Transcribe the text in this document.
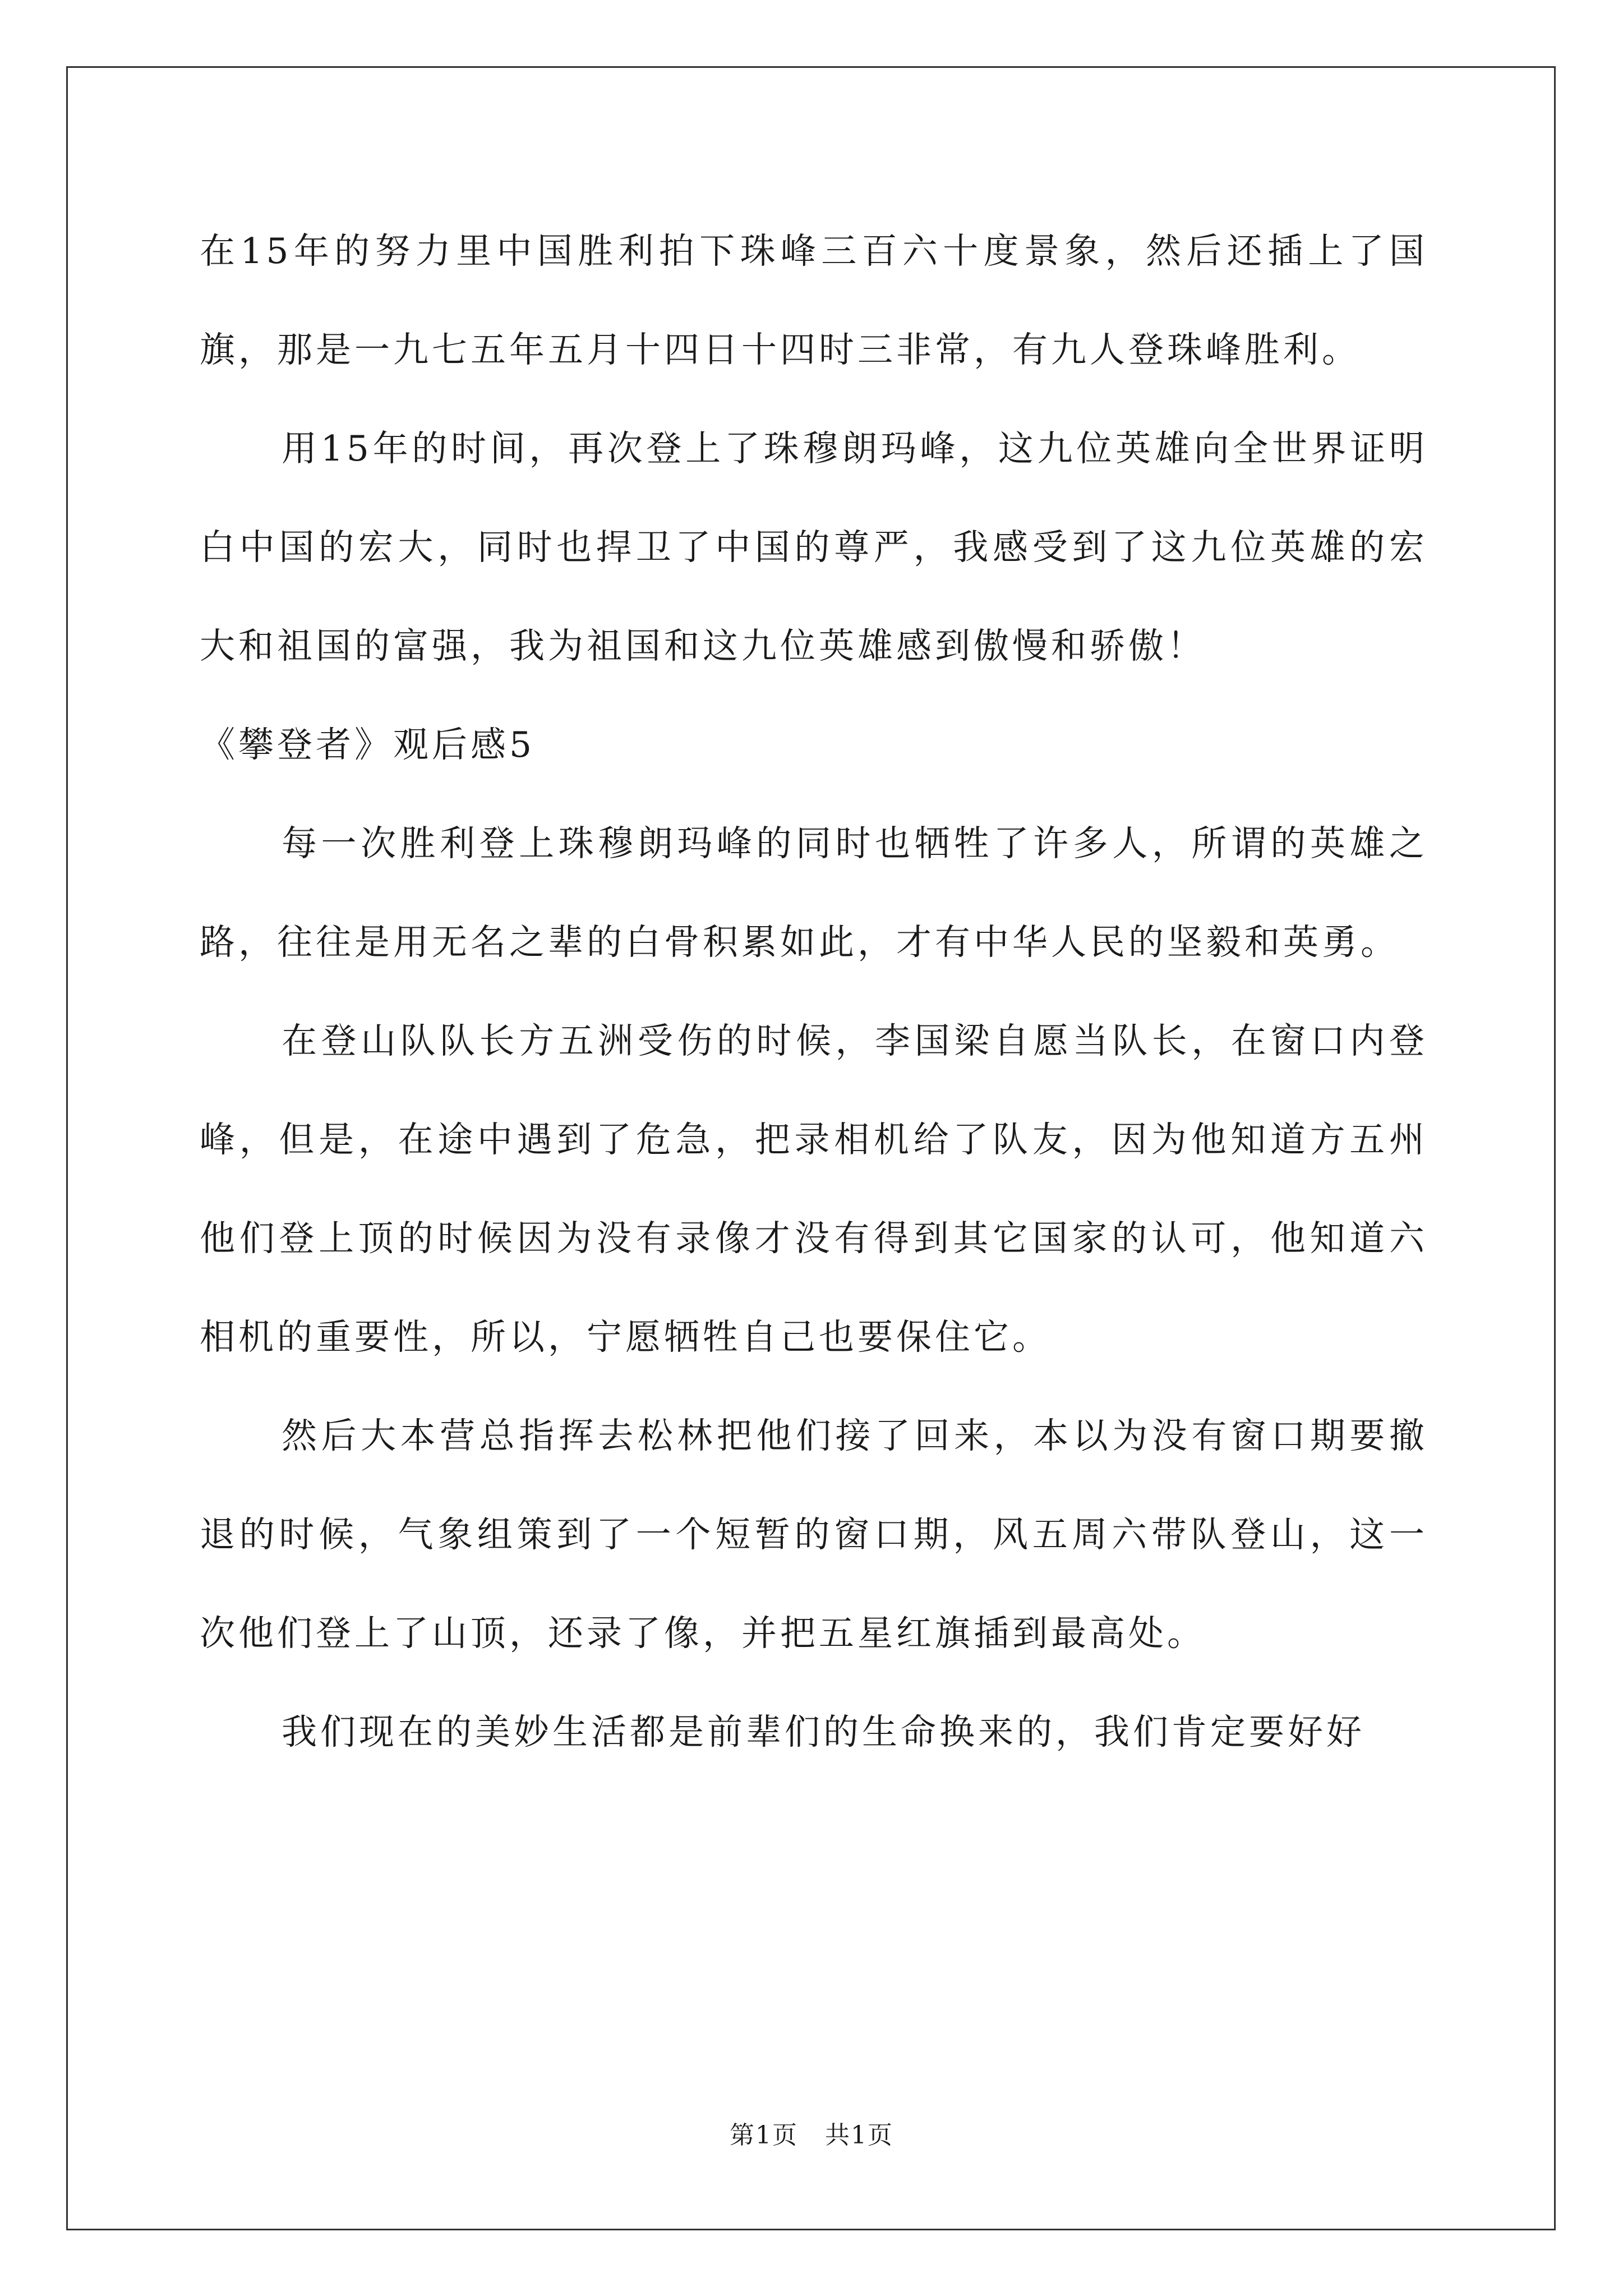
在15年的努力里中国胜利拍下珠峰三百六十度景象，然后还插上了国旗，那是一九七五年五月十四日十四时三非常，有九人登珠峰胜利。

用15年的时间，再次登上了珠穆朗玛峰，这九位英雄向全世界证明白中国的宏大，同时也捍卫了中国的尊严，我感受到了这九位英雄的宏大和祖国的富强，我为祖国和这九位英雄感到傲慢和骄傲！

《攀登者》观后感5

每一次胜利登上珠穆朗玛峰的同时也牺牲了许多人，所谓的英雄之路，往往是用无名之辈的白骨积累如此，才有中华人民的坚毅和英勇。

在登山队队长方五洲受伤的时候，李国梁自愿当队长，在窗口内登峰，但是，在途中遇到了危急，把录相机给了队友，因为他知道方五州他们登上顶的时候因为没有录像才没有得到其它国家的认可，他知道六相机的重要性，所以，宁愿牺牲自己也要保住它。

然后大本营总指挥去松林把他们接了回来，本以为没有窗口期要撤退的时候，气象组策到了一个短暂的窗口期，风五周六带队登山，这一次他们登上了山顶，还录了像，并把五星红旗插到最高处。

我们现在的美妙生活都是前辈们的生命换来的，我们肯定要好好

第1页 共1页
